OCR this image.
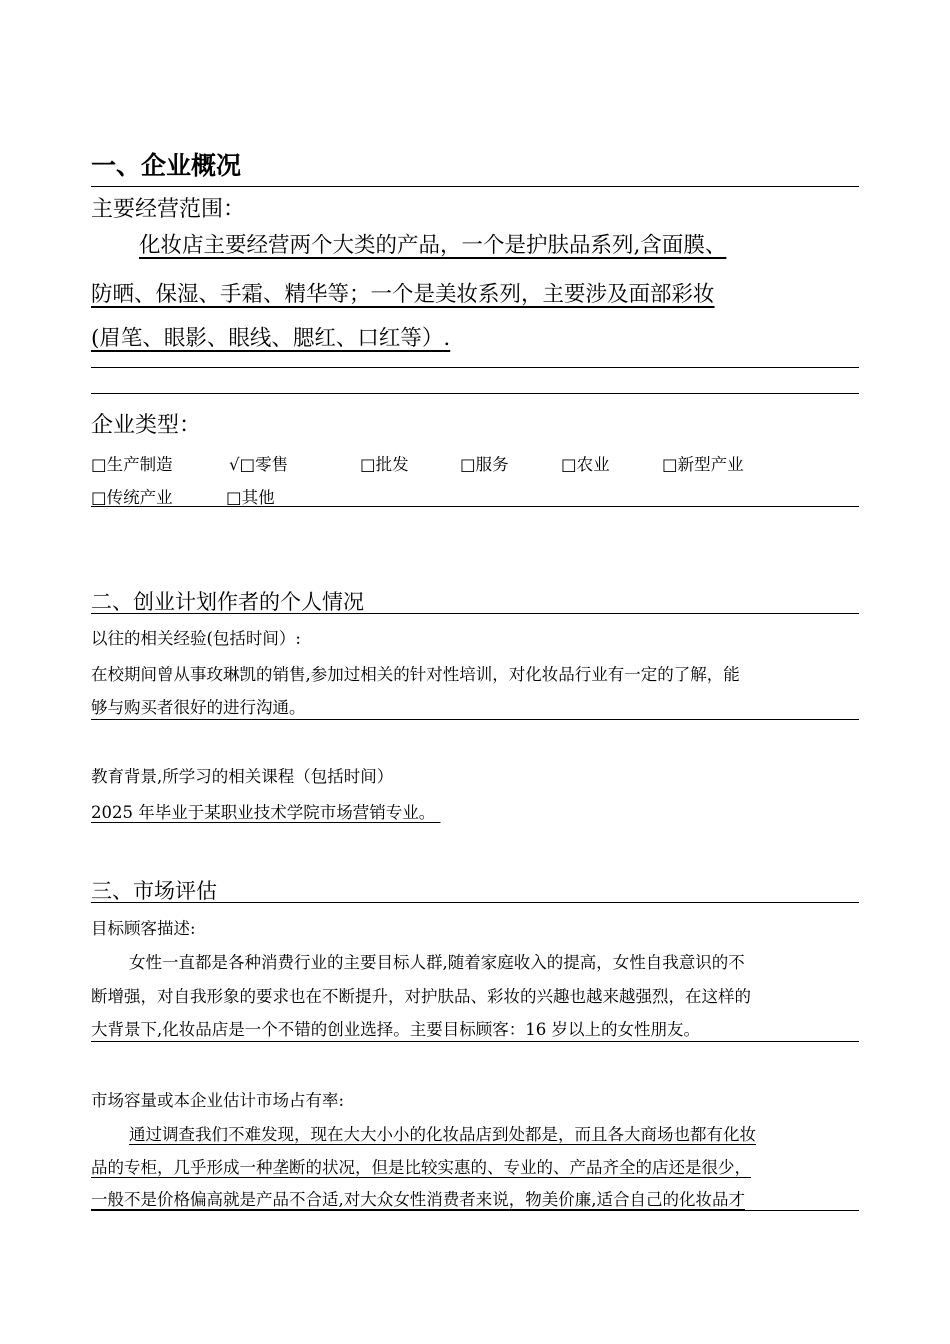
一、企业概况
主要经营范围：
化妆店主要经营两个大类的产品，一个是护肤品系列,含面膜、
防晒、保湿、手霜、精华等；一个是美妆系列，主要涉及面部彩妆
(眉笔、眼影、眼线、腮红、口红等）.
企业类型：
□生产制造	√□零售	□批发	□服务	□农业	□新型产业
□传统产业	□其他
二、创业计划作者的个人情况
以往的相关经验(包括时间）:
在校期间曾从事玫琳凯的销售,参加过相关的针对性培训，对化妆品行业有一定的了解，能
够与购买者很好的进行沟通。
教育背景,所学习的相关课程（包括时间）
2025 年毕业于某职业技术学院市场营销专业。
三、市场评估
目标顾客描述:
女性一直都是各种消费行业的主要目标人群,随着家庭收入的提高，女性自我意识的不
断增强，对自我形象的要求也在不断提升，对护肤品、彩妆的兴趣也越来越强烈，在这样的
大背景下,化妆品店是一个不错的创业选择。主要目标顾客：16 岁以上的女性朋友。
市场容量或本企业估计市场占有率:
通过调查我们不难发现，现在大大小小的化妆品店到处都是，而且各大商场也都有化妆
品的专柜，几乎形成一种垄断的状况，但是比较实惠的、专业的、产品齐全的店还是很少，
一般不是价格偏高就是产品不合适,对大众女性消费者来说，物美价廉,适合自己的化妆品才
